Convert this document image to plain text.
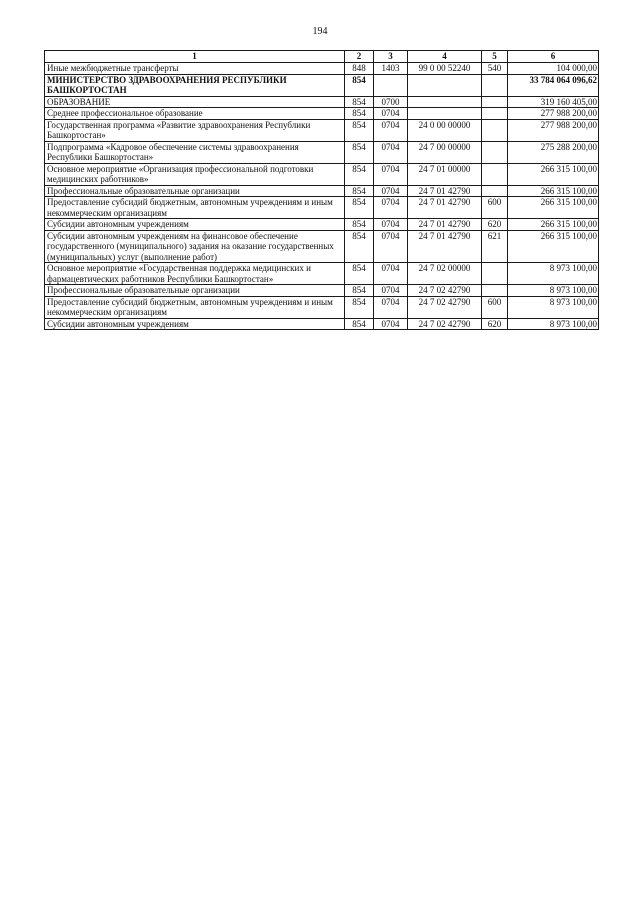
194
1	2	3	4	5	6
Иные межбюджетные трансферты	848	1403	99 0 00 52240	540	104 000,00
МИНИСТЕРСТВО ЗДРАВООХРАНЕНИЯ РЕСПУБЛИКИ БАШКОРТОСТАН	854				33 784 064 096,62
ОБРАЗОВАНИЕ	854	0700			319 160 405,00
Среднее профессиональное образование	854	0704			277 988 200,00
Государственная программа «Развитие здравоохранения Республики Башкортостан»	854	0704	24 0 00 00000		277 988 200,00
Подпрограмма «Кадровое обеспечение системы здравоохранения Республики Башкортостан»	854	0704	24 7 00 00000		275 288 200,00
Основное мероприятие «Организация профессиональной подготовки медицинских работников»	854	0704	24 7 01 00000		266 315 100,00
Профессиональные образовательные организации	854	0704	24 7 01 42790		266 315 100,00
Предоставление субсидий бюджетным, автономным учреждениям и иным некоммерческим организациям	854	0704	24 7 01 42790	600	266 315 100,00
Субсидии автономным учреждениям	854	0704	24 7 01 42790	620	266 315 100,00
Субсидии автономным учреждениям на финансовое обеспечение государственного (муниципального) задания на оказание государственных (муниципальных) услуг (выполнение работ)	854	0704	24 7 01 42790	621	266 315 100,00
Основное мероприятие «Государственная поддержка медицинских и фармацевтических работников Республики Башкортостан»	854	0704	24 7 02 00000		8 973 100,00
Профессиональные образовательные организации	854	0704	24 7 02 42790		8 973 100,00
Предоставление субсидий бюджетным, автономным учреждениям и иным некоммерческим организациям	854	0704	24 7 02 42790	600	8 973 100,00
Субсидии автономным учреждениям	854	0704	24 7 02 42790	620	8 973 100,00
